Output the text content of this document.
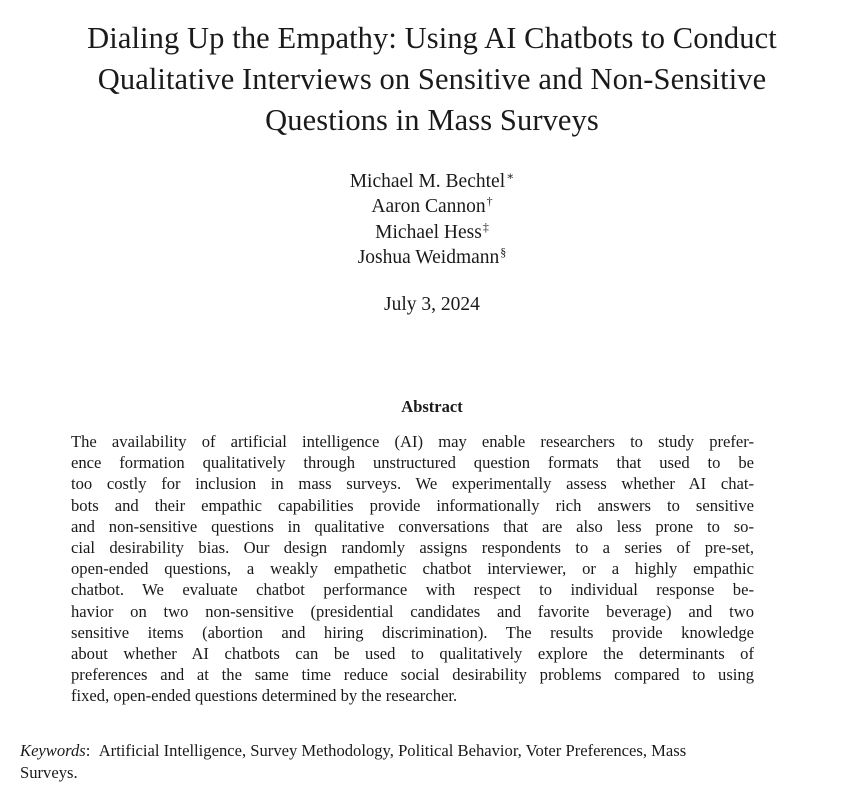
Dialing Up the Empathy: Using AI Chatbots to Conduct
Qualitative Interviews on Sensitive and Non-Sensitive
Questions in Mass Surveys
Michael M. Bechtel∗
Aaron Cannon†
Michael Hess‡
Joshua Weidmann§
July 3, 2024
Abstract
The availability of artificial intelligence (AI) may enable researchers to study prefer-
ence formation qualitatively through unstructured question formats that used to be
too costly for inclusion in mass surveys. We experimentally assess whether AI chat-
bots and their empathic capabilities provide informationally rich answers to sensitive
and non-sensitive questions in qualitative conversations that are also less prone to so-
cial desirability bias. Our design randomly assigns respondents to a series of pre-set,
open-ended questions, a weakly empathetic chatbot interviewer, or a highly empathic
chatbot. We evaluate chatbot performance with respect to individual response be-
havior on two non-sensitive (presidential candidates and favorite beverage) and two
sensitive items (abortion and hiring discrimination). The results provide knowledge
about whether AI chatbots can be used to qualitatively explore the determinants of
preferences and at the same time reduce social desirability problems compared to using
fixed, open-ended questions determined by the researcher.
Keywords: Artificial Intelligence, Survey Methodology, Political Behavior, Voter Preferences, Mass
Surveys.
